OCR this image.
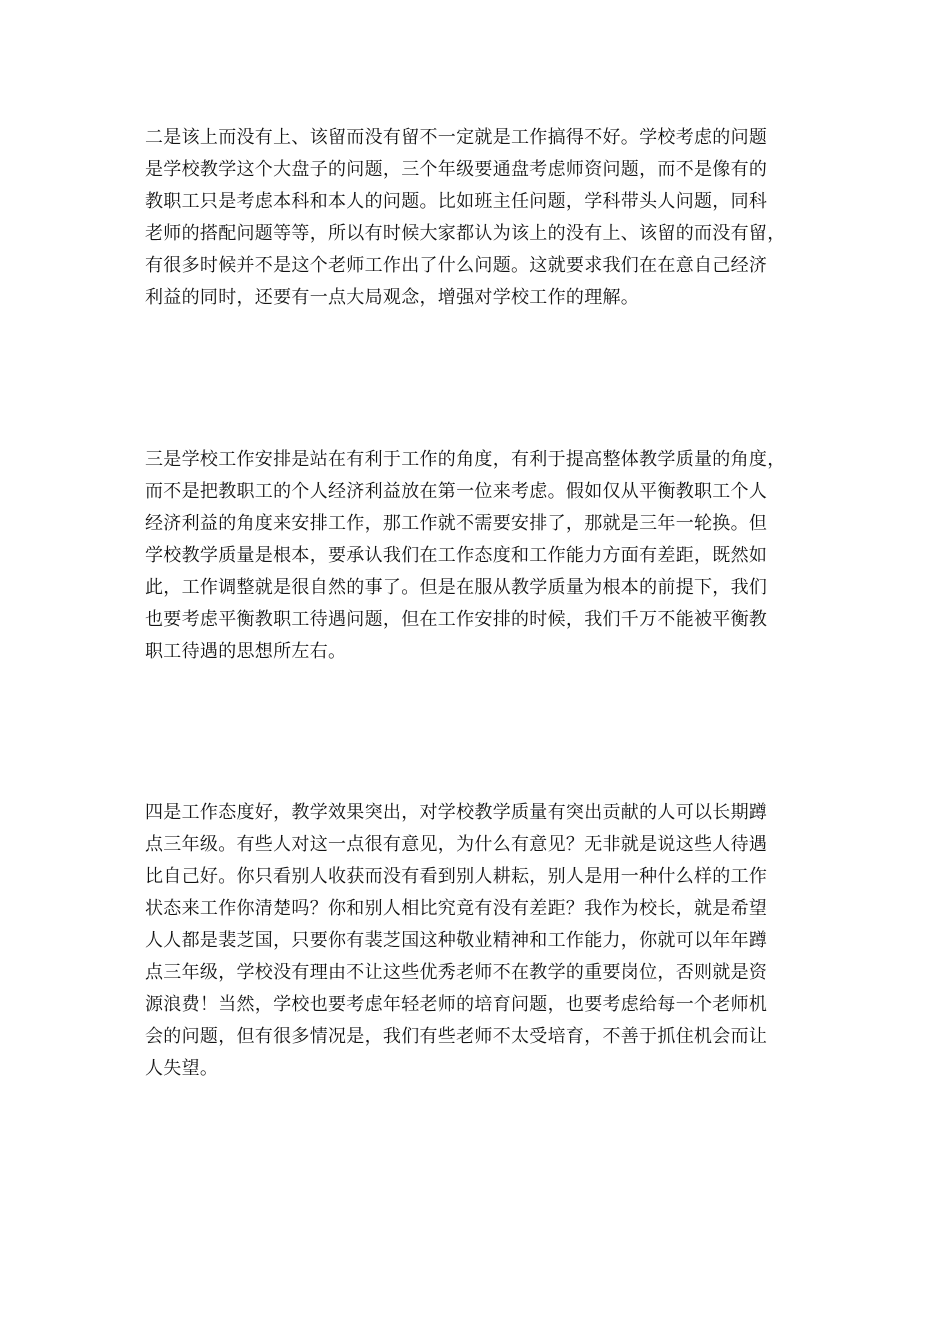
二是该上而没有上、该留而没有留不一定就是工作搞得不好。学校考虑的问题
是学校教学这个大盘子的问题，三个年级要通盘考虑师资问题，而不是像有的
教职工只是考虑本科和本人的问题。比如班主任问题，学科带头人问题，同科
老师的搭配问题等等，所以有时候大家都认为该上的没有上、该留的而没有留，
有很多时候并不是这个老师工作出了什么问题。这就要求我们在在意自己经济
利益的同时，还要有一点大局观念，增强对学校工作的理解。
三是学校工作安排是站在有利于工作的角度，有利于提高整体教学质量的角度，
而不是把教职工的个人经济利益放在第一位来考虑。假如仅从平衡教职工个人
经济利益的角度来安排工作，那工作就不需要安排了，那就是三年一轮换。但
学校教学质量是根本，要承认我们在工作态度和工作能力方面有差距，既然如
此，工作调整就是很自然的事了。但是在服从教学质量为根本的前提下，我们
也要考虑平衡教职工待遇问题，但在工作安排的时候，我们千万不能被平衡教
职工待遇的思想所左右。
四是工作态度好，教学效果突出，对学校教学质量有突出贡献的人可以长期蹲
点三年级。有些人对这一点很有意见，为什么有意见？无非就是说这些人待遇
比自己好。你只看别人收获而没有看到别人耕耘，别人是用一种什么样的工作
状态来工作你清楚吗？你和别人相比究竟有没有差距？我作为校长，就是希望
人人都是裴芝国，只要你有裴芝国这种敬业精神和工作能力，你就可以年年蹲
点三年级，学校没有理由不让这些优秀老师不在教学的重要岗位，否则就是资
源浪费！当然，学校也要考虑年轻老师的培育问题，也要考虑给每一个老师机
会的问题，但有很多情况是，我们有些老师不太受培育，不善于抓住机会而让
人失望。
